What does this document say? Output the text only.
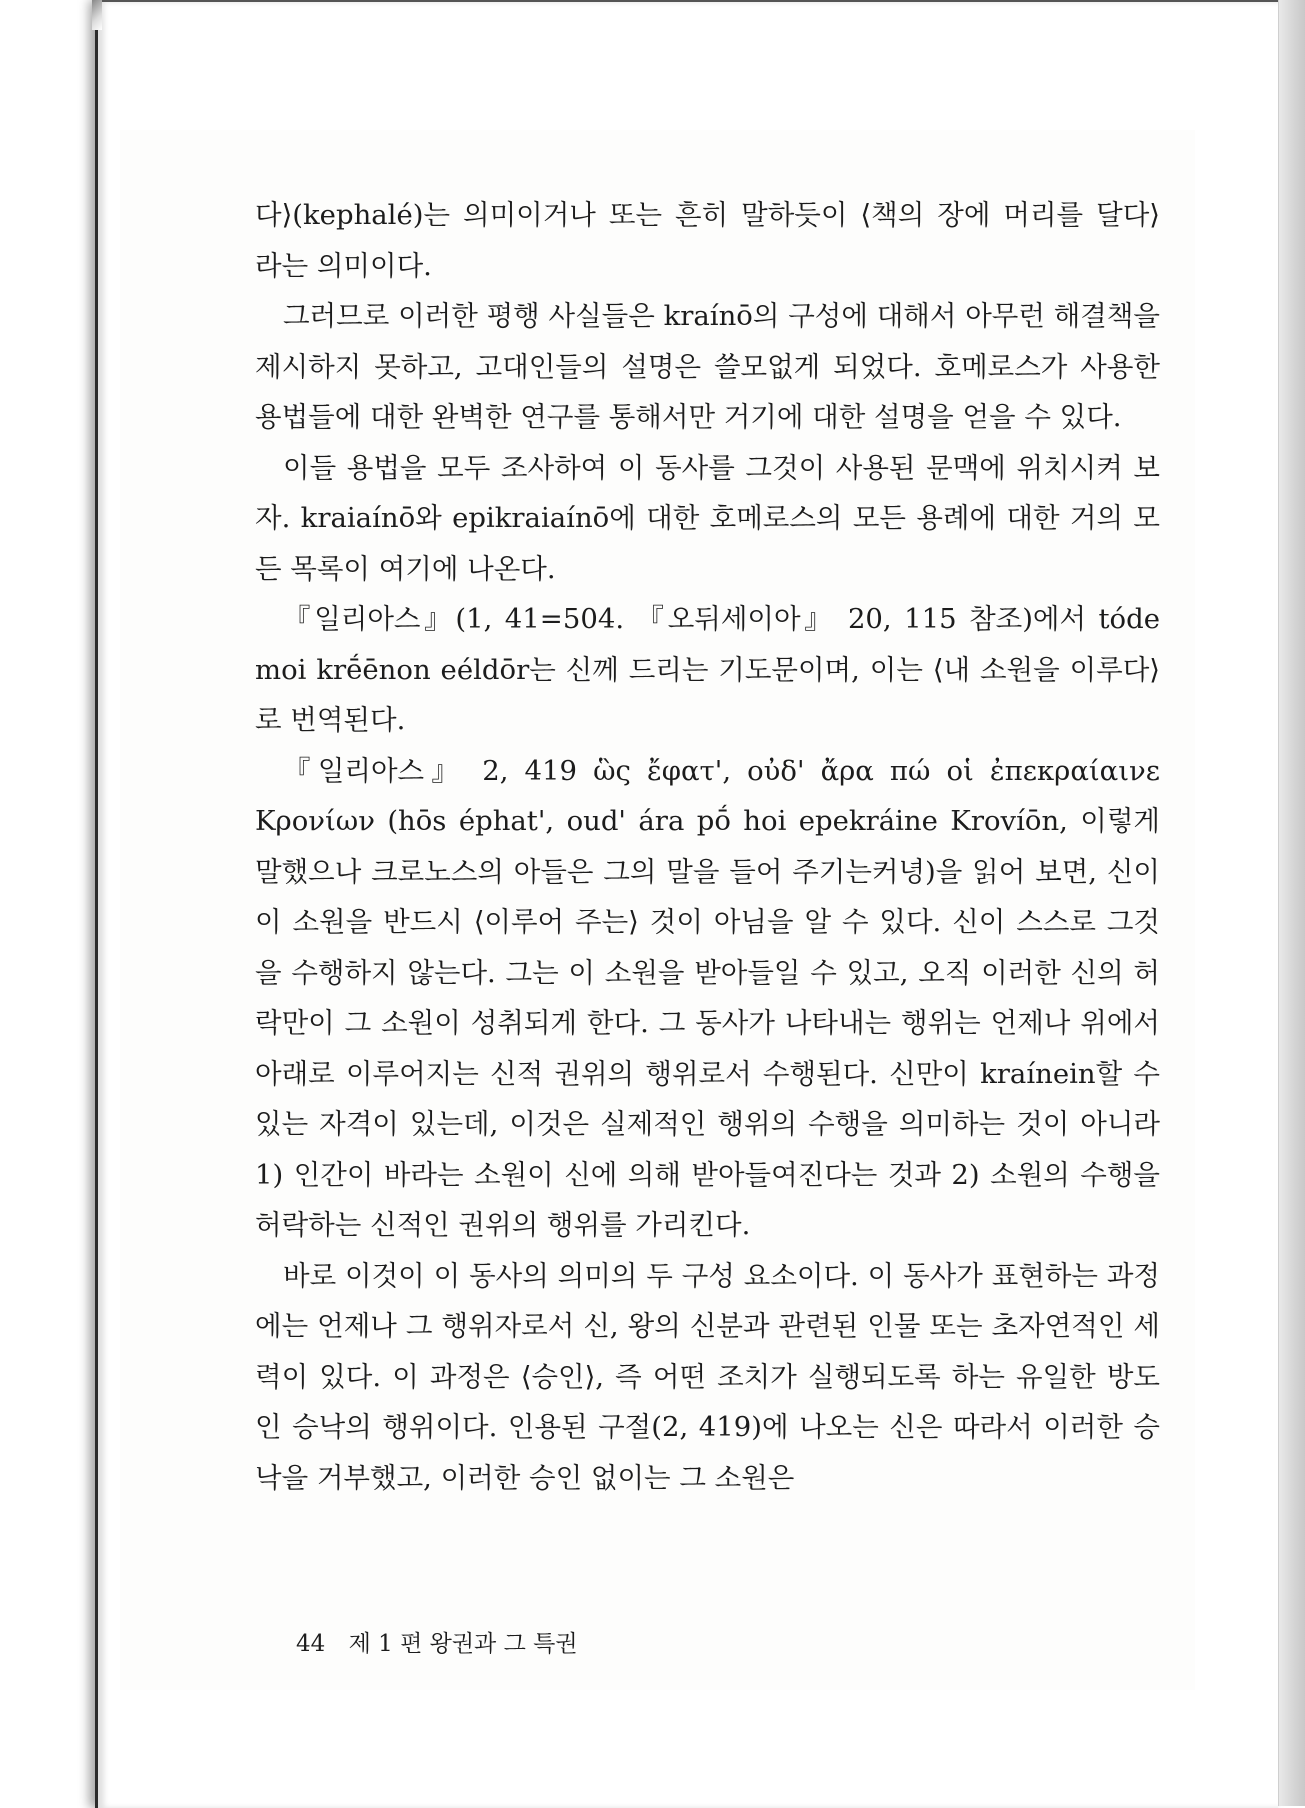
다⟩(kephalé)는 의미이거나 또는 흔히 말하듯이 ⟨책의 장에 머리를 달다⟩ 라는 의미이다.

그러므로 이러한 평행 사실들은 kraínō의 구성에 대해서 아무런 해결책을 제시하지 못하고, 고대인들의 설명은 쓸모없게 되었다. 호메로스가 사용한 용법들에 대한 완벽한 연구를 통해서만 거기에 대한 설명을 얻을 수 있다.

이들 용법을 모두 조사하여 이 동사를 그것이 사용된 문맥에 위치시켜 보자. kraiaínō와 epikraiaínō에 대한 호메로스의 모든 용례에 대한 거의 모든 목록이 여기에 나온다.

『일리아스』(1, 41=504. 『오뒤세이아』 20, 115 참조)에서 tóde moi krḗēnon eéldōr는 신께 드리는 기도문이며, 이는 ⟨내 소원을 이루다⟩로 번역된다.

『일리아스』 2, 419 ὣς ἔφατ', οὐδ' ἄρα πώ οἱ ἐπεκραίαινε Κρονίων (hōs éphat', oud' ára pṓ hoi epekráine Krovíōn, 이렇게 말했으나 크로노스의 아들은 그의 말을 들어 주기는커녕)을 읽어 보면, 신이 이 소원을 반드시 ⟨이루어 주는⟩ 것이 아님을 알 수 있다. 신이 스스로 그것을 수행하지 않는다. 그는 이 소원을 받아들일 수 있고, 오직 이러한 신의 허락만이 그 소원이 성취되게 한다. 그 동사가 나타내는 행위는 언제나 위에서 아래로 이루어지는 신적 권위의 행위로서 수행된다. 신만이 kraínein할 수 있는 자격이 있는데, 이것은 실제적인 행위의 수행을 의미하는 것이 아니라 1) 인간이 바라는 소원이 신에 의해 받아들여진다는 것과 2) 소원의 수행을 허락하는 신적인 권위의 행위를 가리킨다.

바로 이것이 이 동사의 의미의 두 구성 요소이다. 이 동사가 표현하는 과정에는 언제나 그 행위자로서 신, 왕의 신분과 관련된 인물 또는 초자연적인 세력이 있다. 이 과정은 ⟨승인⟩, 즉 어떤 조치가 실행되도록 하는 유일한 방도인 승낙의 행위이다. 인용된 구절(2, 419)에 나오는 신은 따라서 이러한 승낙을 거부했고, 이러한 승인 없이는 그 소원은

44 제 1 편 왕권과 그 특권
